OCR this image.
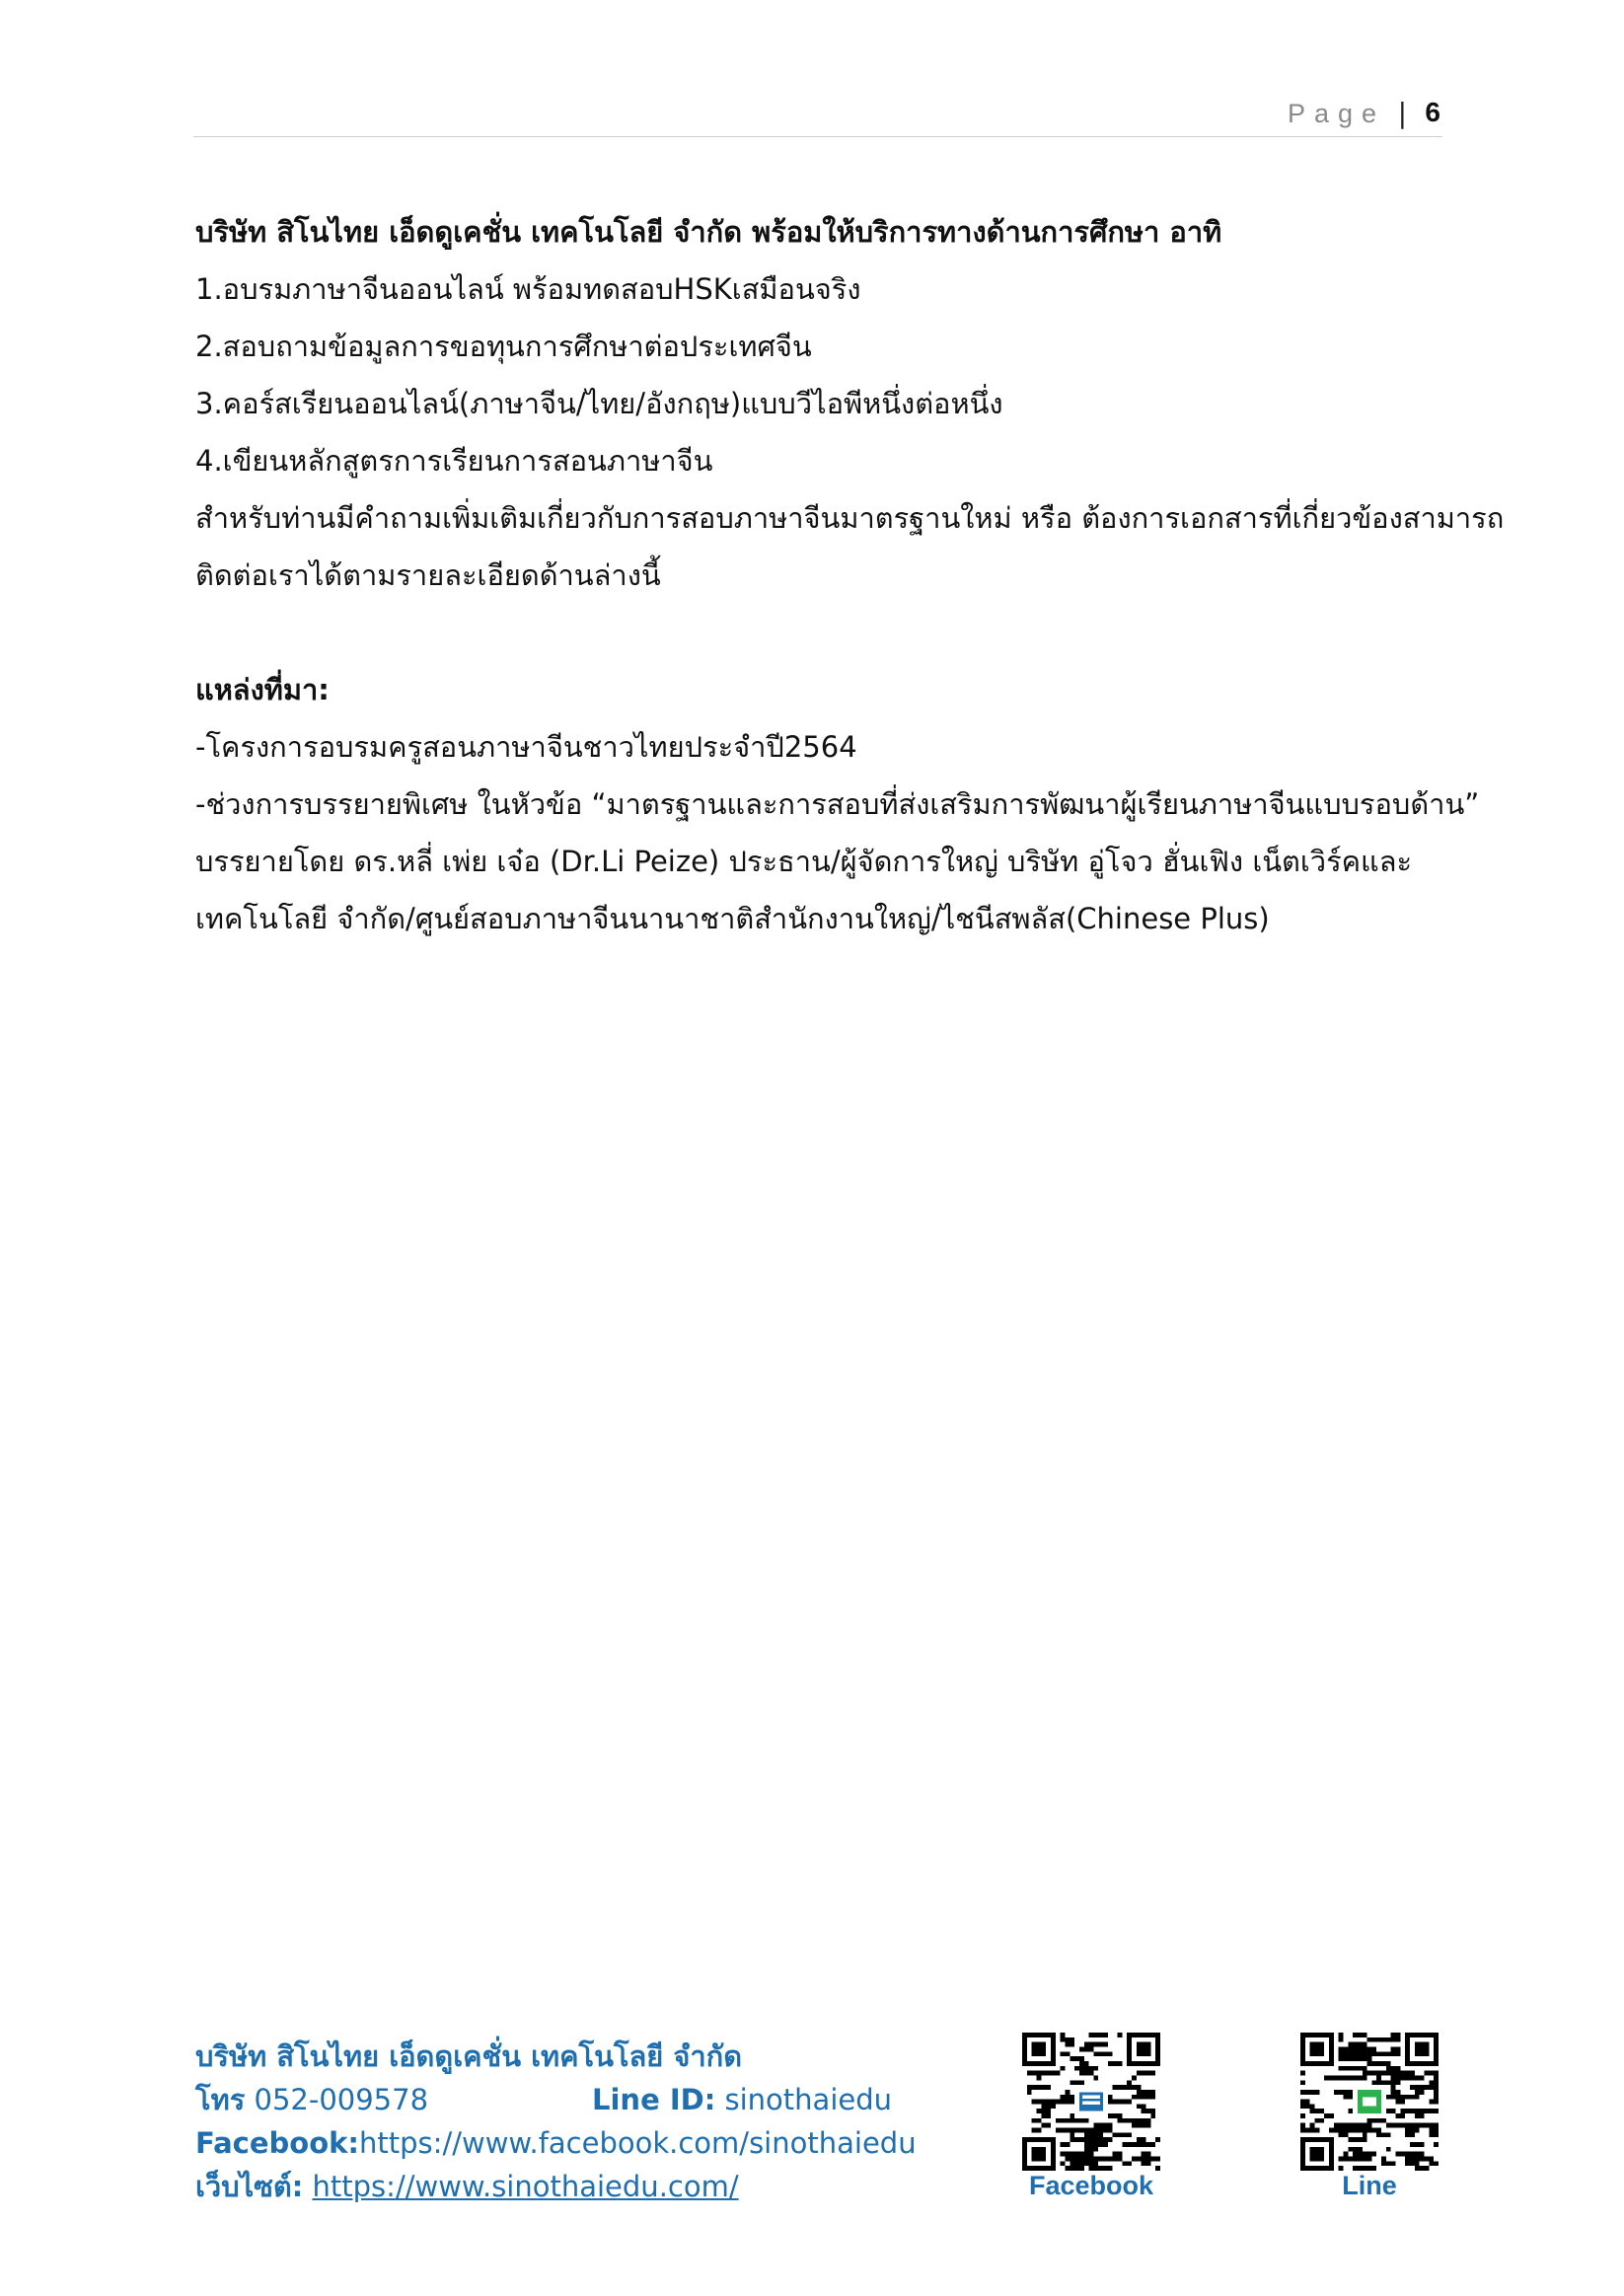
Page | 6

บริษัท สิโนไทย เอ็ดดูเคชั่น เทคโนโลยี จำกัด พร้อมให้บริการทางด้านการศึกษา อาทิ

1.อบรมภาษาจีนออนไลน์ พร้อมทดสอบHSKเสมือนจริง

2.สอบถามข้อมูลการขอทุนการศึกษาต่อประเทศจีน

3.คอร์สเรียนออนไลน์(ภาษาจีน/ไทย/อังกฤษ)แบบวีไอพีหนึ่งต่อหนึ่ง

4.เขียนหลักสูตรการเรียนการสอนภาษาจีน

สำหรับท่านมีคำถามเพิ่มเติมเกี่ยวกับการสอบภาษาจีนมาตรฐานใหม่ หรือ ต้องการเอกสารที่เกี่ยวข้องสามารถ

ติดต่อเราได้ตามรายละเอียดด้านล่างนี้

แหล่งที่มา:

-โครงการอบรมครูสอนภาษาจีนชาวไทยประจำปี2564

-ช่วงการบรรยายพิเศษ ในหัวข้อ “มาตรฐานและการสอบที่ส่งเสริมการพัฒนาผู้เรียนภาษาจีนแบบรอบด้าน”

บรรยายโดย ดร.หลี่ เพ่ย เจ๋อ (Dr.Li Peize) ประธาน/ผู้จัดการใหญ่ บริษัท อู่โจว ฮั่นเฟิง เน็ตเวิร์คและ

เทคโนโลยี จำกัด/ศูนย์สอบภาษาจีนนานาชาติสำนักงานใหญ่/ไชนีสพลัส(Chinese Plus)

บริษัท สิโนไทย เอ็ดดูเคชั่น เทคโนโลยี จำกัด

โทร 052-009578	Line ID: sinothaiedu

Facebook:https://www.facebook.com/sinothaiedu

เว็บไซต์: https://www.sinothaiedu.com/	Facebook	Line
